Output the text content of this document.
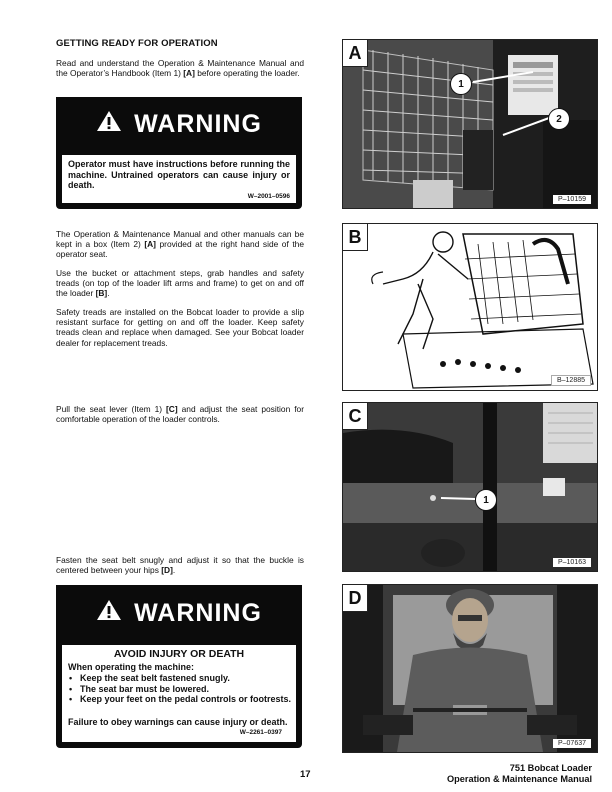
GETTING READY FOR OPERATION
Read and understand the Operation & Maintenance Manual and the Operator’s Handbook (Item 1) [A] before operating the loader.
WARNING
Operator must have instructions before running the machine. Untrained operators can cause injury or death.
W–2001–0596
The Operation & Maintenance Manual and other manuals can be kept in a box (Item 2) [A] provided at the right hand side of the operator seat.
Use the bucket or attachment steps, grab handles and safety treads (on top of the loader lift arms and frame) to get on and off the loader [B].
Safety treads are installed on the Bobcat loader to provide a slip resistant surface for getting on and off the loader. Keep safety treads clean and replace when damaged. See your Bobcat loader dealer for replacement treads.
Pull the seat lever (Item 1) [C] and adjust the seat position for comfortable operation of the loader controls.
Fasten the seat belt snugly and adjust it so that the buckle is centered between your hips [D].
WARNING
AVOID INJURY OR DEATH
When operating the machine:
• Keep the seat belt fastened snugly.
• The seat bar must be lowered.
• Keep your feet on the pedal controls or footrests.
Failure to obey warnings can cause injury or death.
W–2261–0397
A
1
2
P–10159
B
B–12885
C
1
P–10163
D
P–07637
17
751 Bobcat Loader
Operation & Maintenance Manual
